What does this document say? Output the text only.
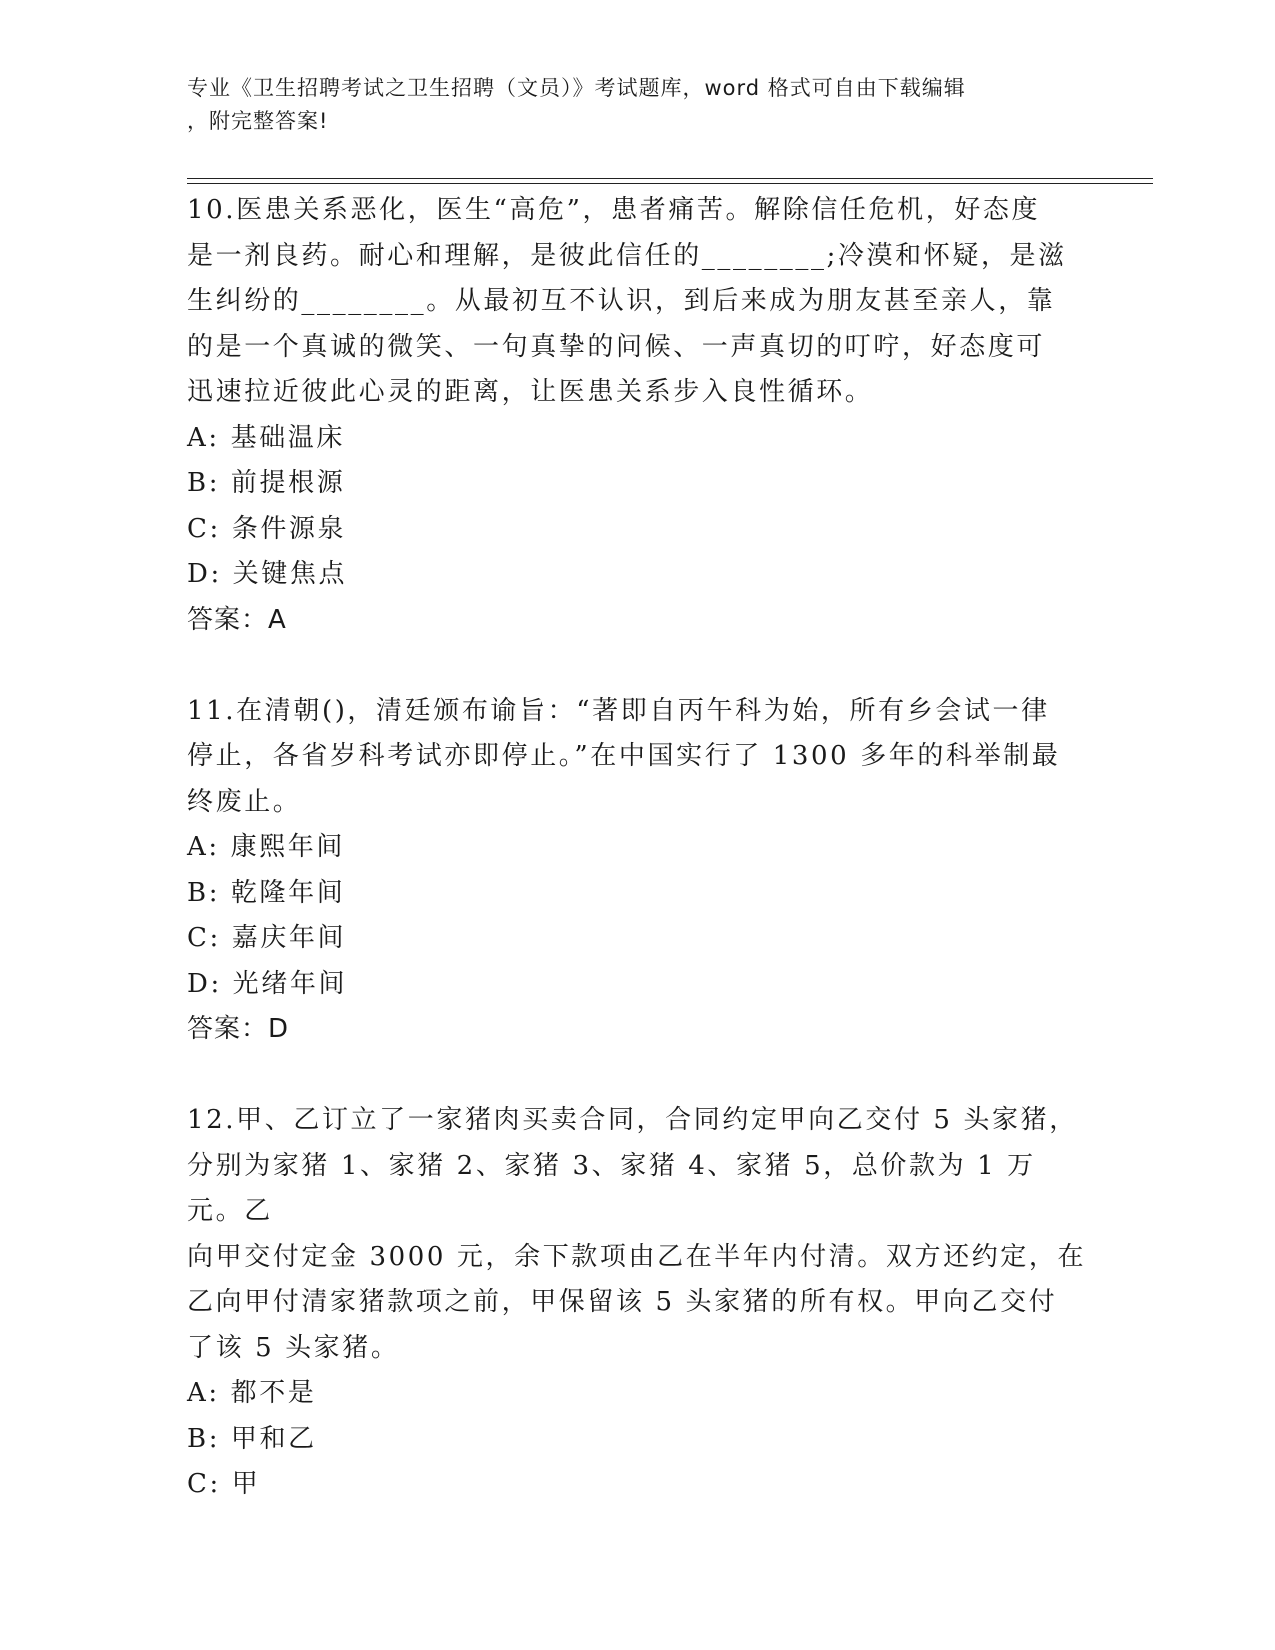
专业《卫生招聘考试之卫生招聘（文员）》考试题库，word 格式可自由下载编辑
，附完整答案!
10.医患关系恶化，医生“高危”，患者痛苦。解除信任危机，好态度
是一剂良药。耐心和理解，是彼此信任的________;冷漠和怀疑，是滋
生纠纷的________。从最初互不认识，到后来成为朋友甚至亲人，靠
的是一个真诚的微笑、一句真挚的问候、一声真切的叮咛，好态度可
迅速拉近彼此心灵的距离，让医患关系步入良性循环。
A: 基础温床
B: 前提根源
C: 条件源泉
D: 关键焦点
答案：A
11.在清朝()，清廷颁布谕旨：“著即自丙午科为始，所有乡会试一律
停止，各省岁科考试亦即停止。”在中国实行了 1300 多年的科举制最
终废止。
A: 康熙年间
B: 乾隆年间
C: 嘉庆年间
D: 光绪年间
答案：D
12.甲、乙订立了一家猪肉买卖合同，合同约定甲向乙交付 5 头家猪，
分别为家猪 1、家猪 2、家猪 3、家猪 4、家猪 5，总价款为 1 万元。乙
向甲交付定金 3000 元，余下款项由乙在半年内付清。双方还约定，在
乙向甲付清家猪款项之前，甲保留该 5 头家猪的所有权。甲向乙交付
了该 5 头家猪。
A: 都不是
B: 甲和乙
C: 甲
